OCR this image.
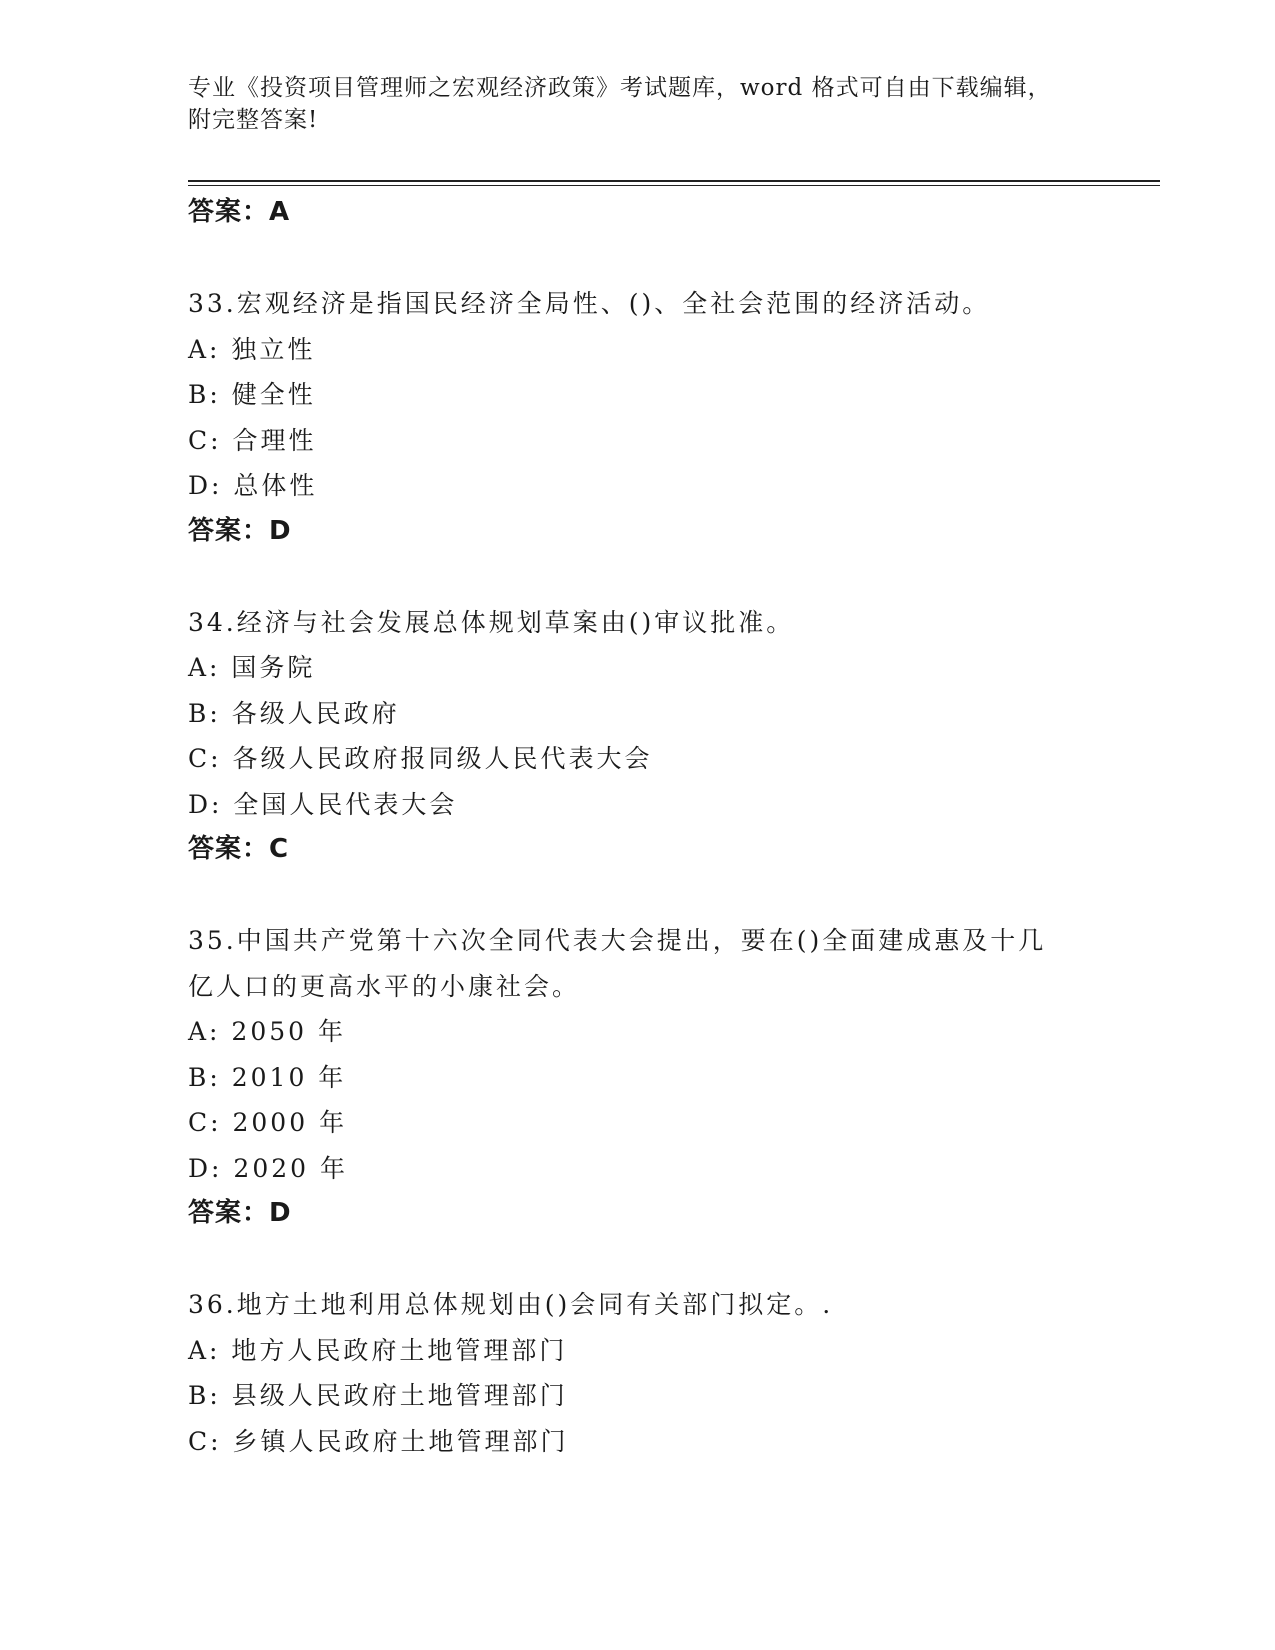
专业《投资项目管理师之宏观经济政策》考试题库，word 格式可自由下载编辑，
附完整答案!
答案：A
33.宏观经济是指国民经济全局性、()、全社会范围的经济活动。
A: 独立性
B: 健全性
C: 合理性
D: 总体性
答案：D
34.经济与社会发展总体规划草案由()审议批准。
A: 国务院
B: 各级人民政府
C: 各级人民政府报同级人民代表大会
D: 全国人民代表大会
答案：C
35.中国共产党第十六次全同代表大会提出，要在()全面建成惠及十几
亿人口的更高水平的小康社会。
A: 2050 年
B: 2010 年
C: 2000 年
D: 2020 年
答案：D
36.地方土地利用总体规划由()会同有关部门拟定。.
A: 地方人民政府土地管理部门
B: 县级人民政府土地管理部门
C: 乡镇人民政府土地管理部门
